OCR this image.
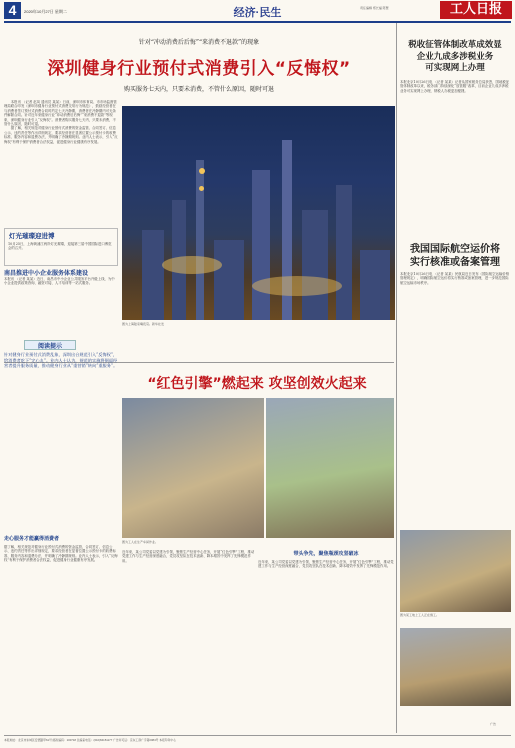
4	2020年10月27日 星期二	经济·民生	责任编辑 郑长福 陈慧	工人日报
针对“冲动消费后后悔”“来消费不退款”的现象
深圳健身行业预付式消费引入“反悔权”
购买服务七天内，只要未消费，不管什么原因，随时可退

本报讯 （记者 赵凤 通讯员 某某）日前，深圳市体育局、市市场监督管理局联合印发《深圳市健身行业预付式消费交易行为规范》，鼓励经营者在与消费者签订预付式消费合同时约定七天冷静期，消费者在冷静期内可无条件解除合同。针对近年来健身行业“冲动消费后后悔”“来消费不退款”等现象，深圳健身行业引入“反悔权”。消费者购买服务七天内，只要未消费，不管什么原因，随时可退。

据了解，相关规范对健身行业预付式消费的资金监管、合同签订、信息公示、违约责任等作出详细规定，要求经营者在显著位置公示预付卡的收费标准、服务内容和退费办法，并明确了冷静期规则。业内人士表示，引入“反悔权”有利于保护消费者合法权益，促进健身行业健康有序发展。

图为上海陆家嘴夜景。新华社发
灯光璀璨迎进博
10月25日，上海黄浦江两岸灯光璀璨，迎接第三届中国国际进口博览会的召开。
南昌推进中小企业服务体系建设
本报讯 （记者 某某）近日，南昌市中小企业公共服务平台升级上线，为中小企业提供政策咨询、融资对接、人才培训等一站式服务。
阅读提示
针对健身行业预付式消费乱象，深圳出台规范引入“反悔权”，给消费者吃下“定心丸”。业内人士认为，规范的实施将倒逼经营者提升服务质量，推动健身行业从“重营销”转向“重服务”。
走心服务才能赢得消费者
据了解，相关规范对健身行业预付式消费的资金监管、合同签订、信息公示、违约责任等作出详细规定，要求经营者在显著位置公示预付卡的收费标准、服务内容和退费办法，并明确了冷静期规则。业内人士表示，引入“反悔权”有利于保护消费者合法权益，促进健身行业健康有序发展。
“红色引擎”燃起来 攻坚创效火起来
图为工人在生产车间作业。
近年来，某公司党委以党建为引领，聚焦生产经营中心任务，开展“红色引擎”工程，推动党建工作与生产经营深度融合，党员攻坚队在技术创新、降本增效中发挥了先锋模范作用。
带头争先，聚焦瓶颈攻坚破冰
近年来，某公司党委以党建为引领，聚焦生产经营中心任务，开展“红色引擎”工程，推动党建工作与生产经营深度融合，党员攻坚队在技术创新、降本增效中发挥了先锋模范作用。
税收征管体制改革成效显
企业九成多涉税业务
可实现网上办理
本报北京10月26日电 （记者 某某）记者从国家税务总局获悉，国地税征管体制改革以来，税务部门持续深化“放管服”改革，目前企业九成多涉税业务可实现网上办理，纳税人办税更加便捷。
我国国际航空运价将
实行核准或备案管理
本报北京10月26日电 （记者 某某）民航局近日发布《国际航空运输价格管理规定》，明确国际航空运价将实行核准或备案管理，进一步规范国际航空运输市场秩序。
图为某工地上工人正在施工。
广告
本报地址：北京市东城区安德路甲61号 邮政编码：100718 总编室电话：(010)84151177 广告许可证：京东工商广字第0084号 本报印务中心
